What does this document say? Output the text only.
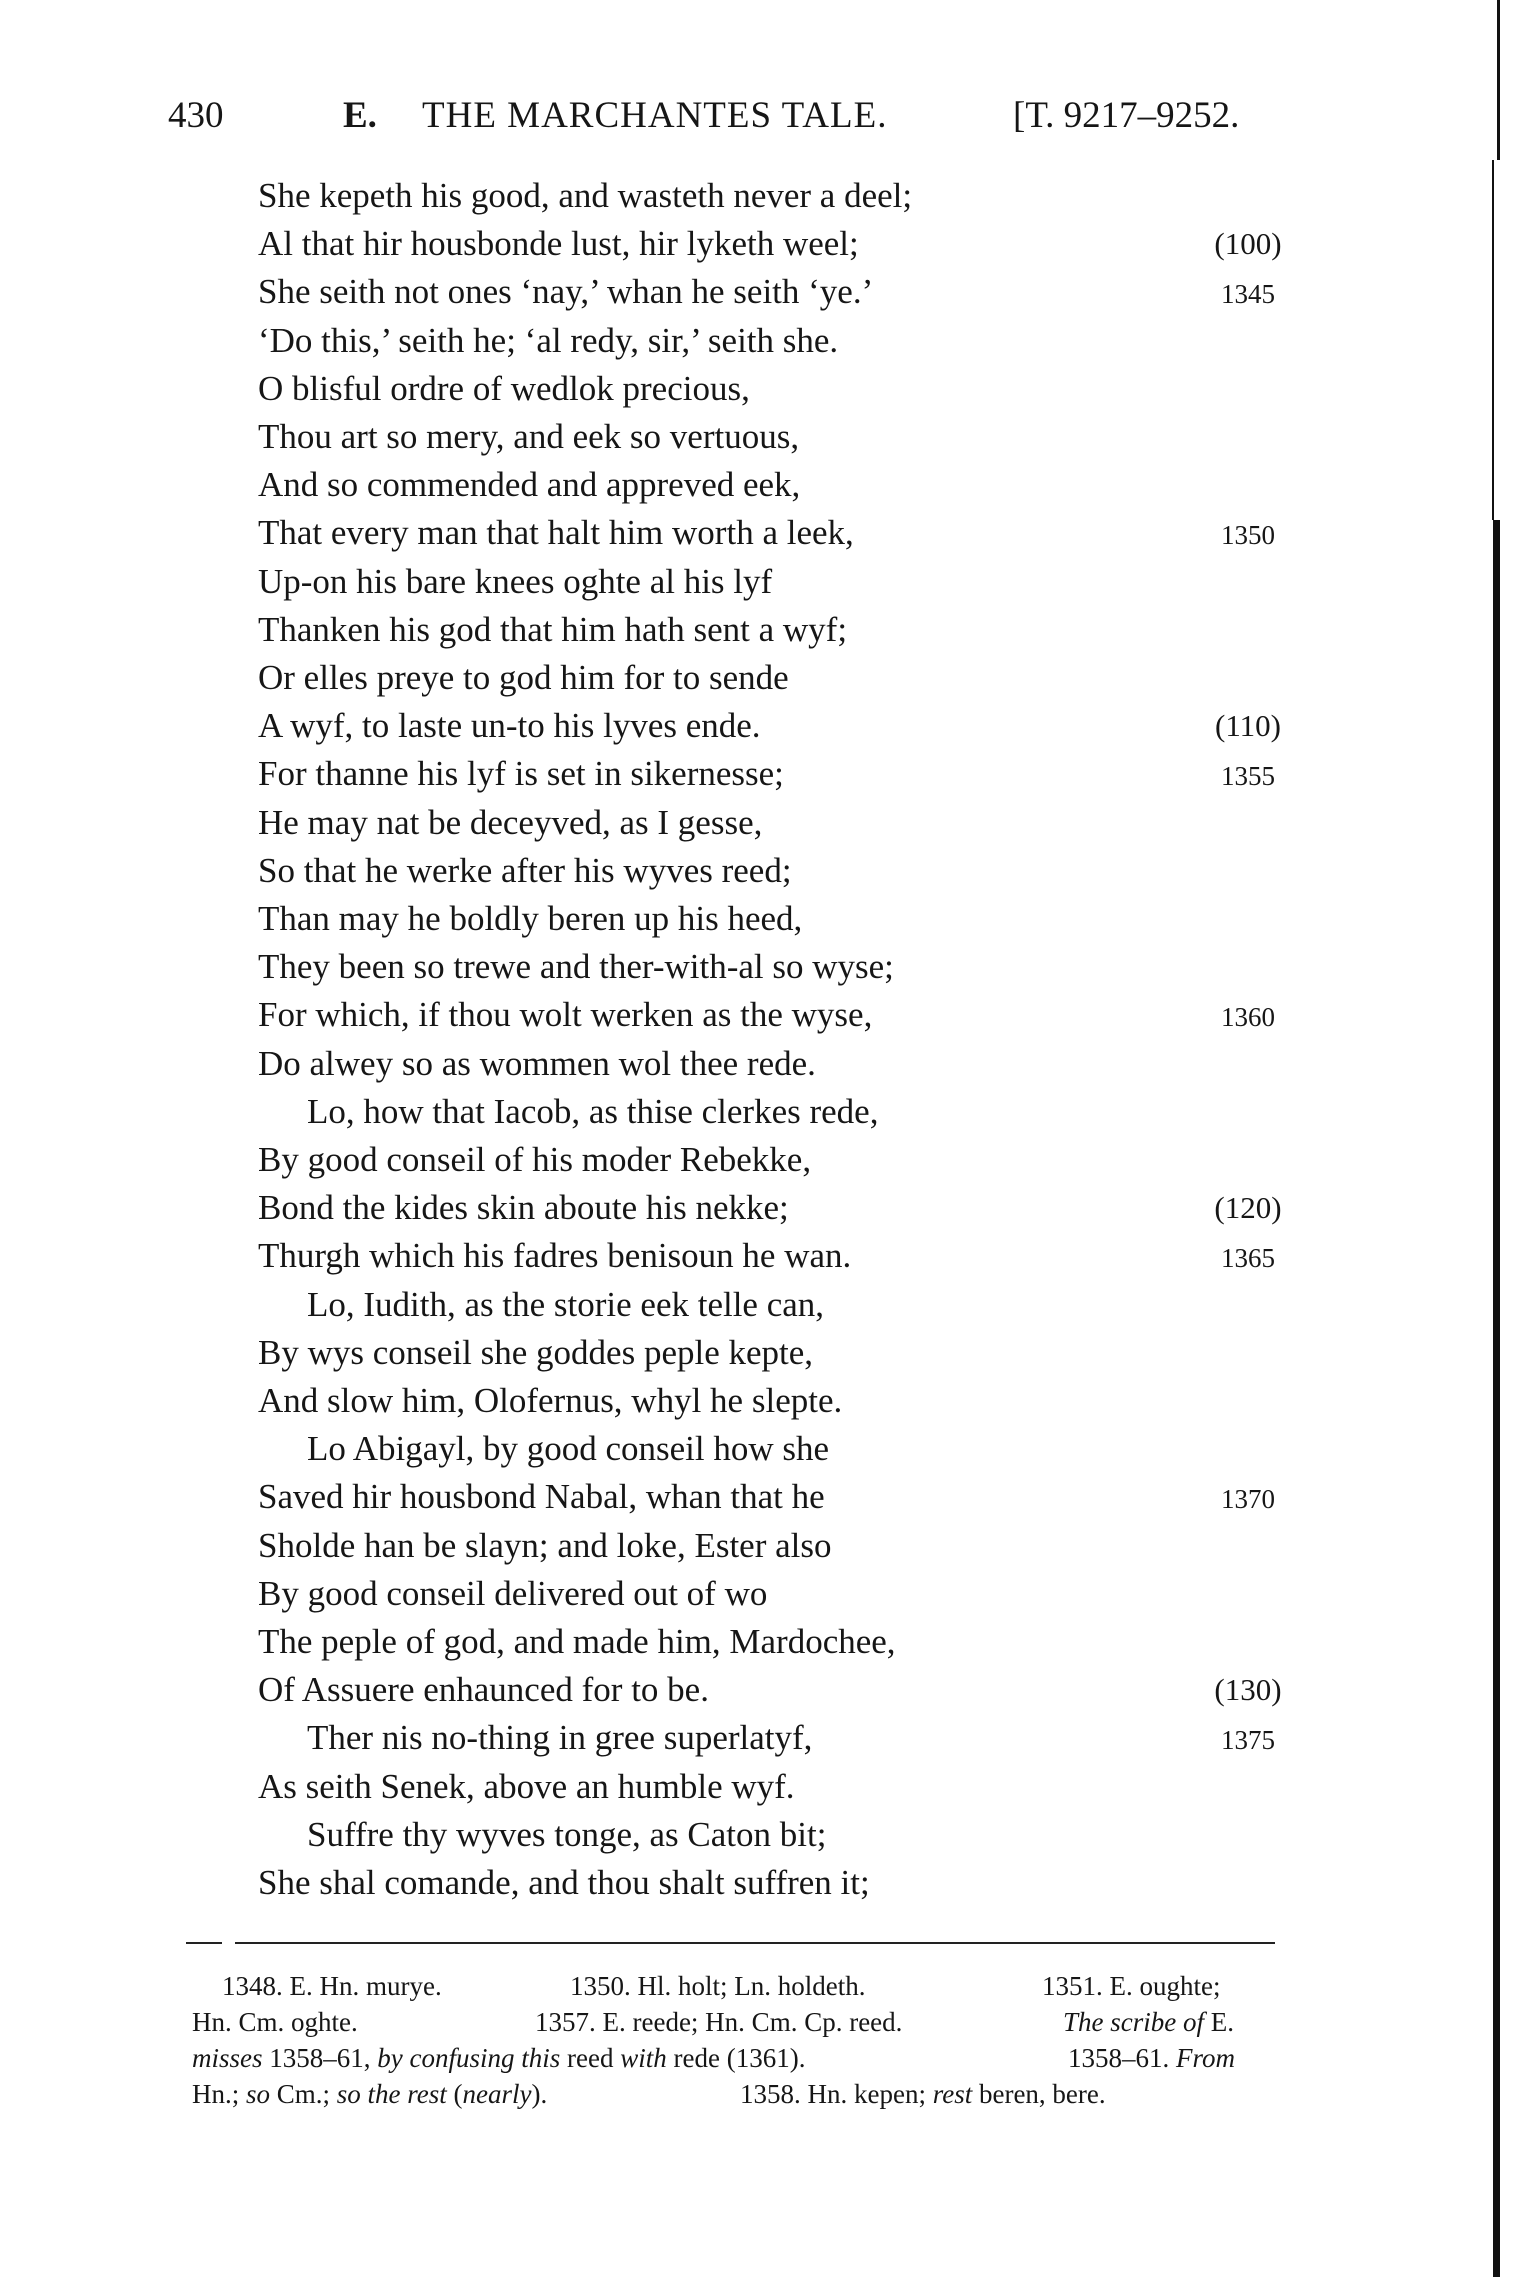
430	E. THE MARCHANTES TALE.	[T. 9217–9252.
She kepeth his good, and wasteth never a deel;
Al that hir housbonde lust, hir lyketh weel;	(100)
She seith not ones ‘nay,’ whan he seith ‘ye.’	1345
‘Do this,’ seith he; ‘al redy, sir,’ seith she.
O blisful ordre of wedlok precious,
Thou art so mery, and eek so vertuous,
And so commended and appreved eek,
That every man that halt him worth a leek,	1350
Up-on his bare knees oghte al his lyf
Thanken his god that him hath sent a wyf;
Or elles preye to god him for to sende
A wyf, to laste un-to his lyves ende.	(110)
For thanne his lyf is set in sikernesse;	1355
He may nat be deceyved, as I gesse,
So that he werke after his wyves reed;
Than may he boldly beren up his heed,
They been so trewe and ther-with-al so wyse;
For which, if thou wolt werken as the wyse,	1360
Do alwey so as wommen wol thee rede.
Lo, how that Iacob, as thise clerkes rede,
By good conseil of his moder Rebekke,
Bond the kides skin aboute his nekke;	(120)
Thurgh which his fadres benisoun he wan.	1365
Lo, Iudith, as the storie eek telle can,
By wys conseil she goddes peple kepte,
And slow him, Olofernus, whyl he slepte.
Lo Abigayl, by good conseil how she
Saved hir housbond Nabal, whan that he	1370
Sholde han be slayn; and loke, Ester also
By good conseil delivered out of wo
The peple of god, and made him, Mardochee,
Of Assuere enhaunced for to be.	(130)
Ther nis no-thing in gree superlatyf,	1375
As seith Senek, above an humble wyf.
Suffre thy wyves tonge, as Caton bit;
She shal comande, and thou shalt suffren it;
1348. E. Hn. murye.	1350. Hl. holt; Ln. holdeth.	1351. E. oughte;
Hn. Cm. oghte.	1357. E. reede; Hn. Cm. Cp. reed.	The scribe of E.
misses 1358–61, by confusing this reed with rede (1361).	1358–61. From
Hn.; so Cm.; so the rest (nearly).	1358. Hn. kepen; rest beren, bere.
